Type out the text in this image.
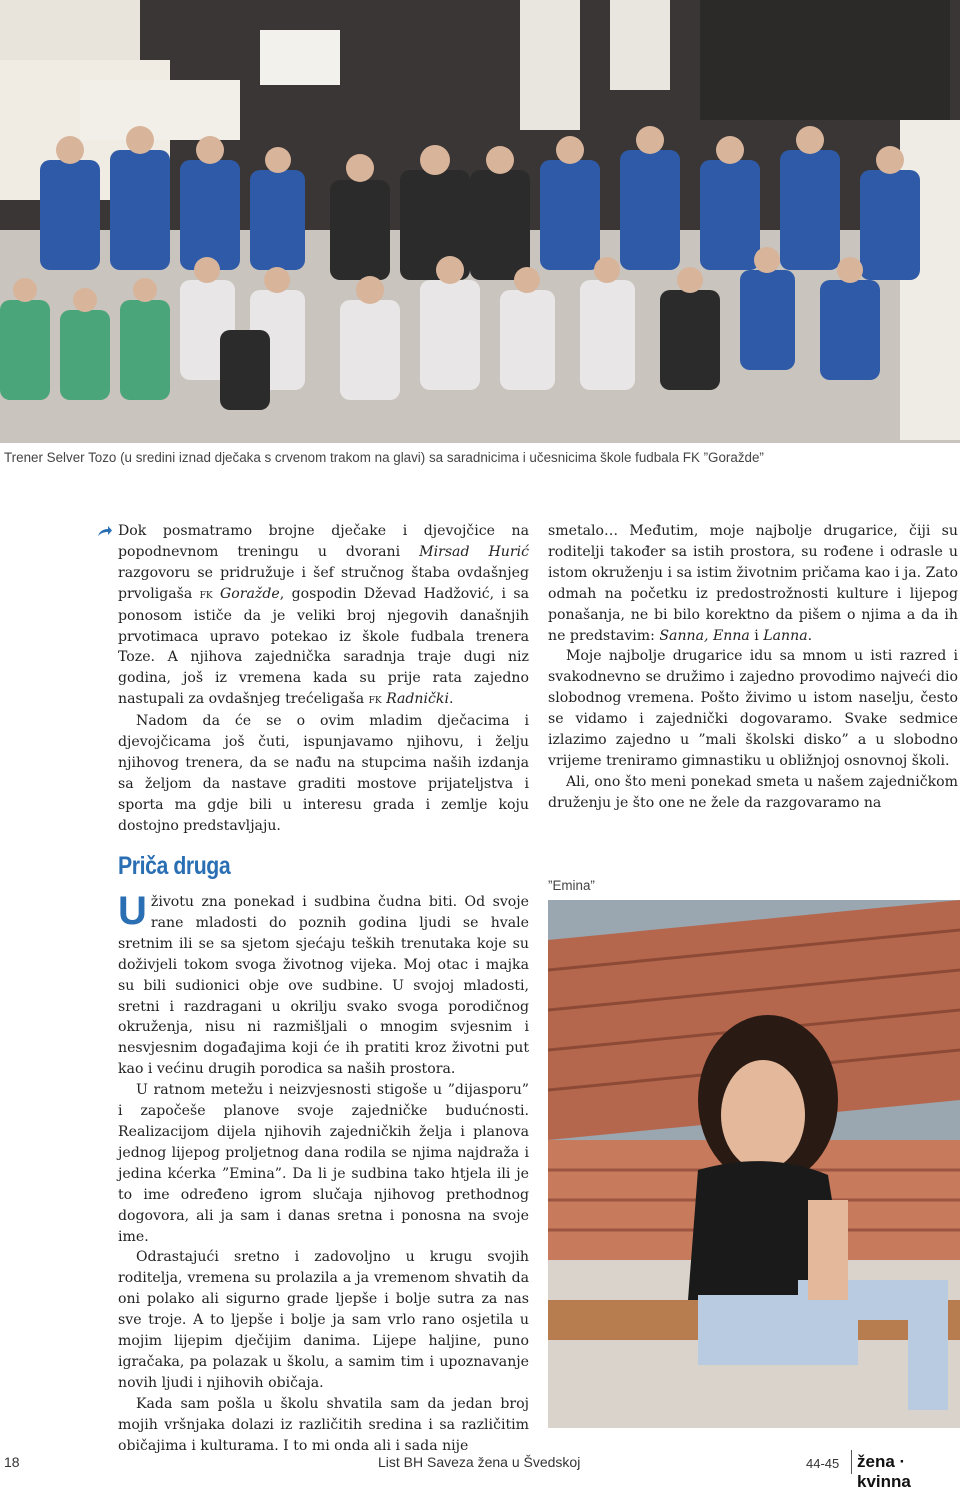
Trener Selver Tozo (u sredini iznad dječaka s crvenom trakom na glavi) sa saradnicima i učesnicima škole fudbala FK ”Goražde”

Dok posmatramo brojne dječake i djevojčice na popodnevnom treningu u dvorani Mirsad Hurić razgovoru se pridružuje i šef stručnog štaba ovdašnjeg prvoligaša fk Goražde, gospodin Dževad Hadžović, i sa ponosom ističe da je veliki broj njegovih današnjih prvotimaca upravo potekao iz škole fudbala trenera Toze. A njihova zajednička saradnja traje dugi niz godina, još iz vremena kada su prije rata zajedno nastupali za ovdašnjeg trećeligaša fk Radnički.

Nadom da će se o ovim mladim dječacima i djevojčicama još čuti, ispunjavamo njihovu, i želju njihovog trenera, da se nađu na stupcima naših izdanja sa željom da nastave graditi mostove prijateljstva i sporta ma gdje bili u interesu grada i zemlje koju dostojno predstavljaju.

smetalo… Međutim, moje najbolje drugarice, čiji su roditelji također sa istih prostora, su rođene i odrasle u istom okruženju i sa istim životnim pričama kao i ja. Zato odmah na početku iz predostrožnosti kulture i lijepog ponašanja, ne bi bilo korektno da pišem o njima a da ih ne predstavim: Sanna, Enna i Lanna.

Moje najbolje drugarice idu sa mnom u isti razred i svakodnevno se družimo i zajedno provodimo najveći dio slobodnog vremena. Pošto živimo u istom naselju, često se vidamo i zajednički dogovaramo. Svake sedmice izlazimo zajedno u ”mali školski disko” a u slobodno vrijeme treniramo gimnastiku u obližnjoj osnovnoj školi.

Ali, ono što meni ponekad smeta u našem zajedničkom druženju je što one ne žele da razgovaramo na

Priča druga

U životu zna ponekad i sudbina čudna biti. Od svoje rane mladosti do poznih godina ljudi se hvale sretnim ili se sa sjetom sjećaju teških trenutaka koje su doživjeli tokom svoga životnog vijeka. Moj otac i majka su bili sudionici obje ove sudbine. U svojoj mladosti, sretni i razdragani u okrilju svako svoga porodičnog okruženja, nisu ni razmišljali o mnogim svjesnim i nesvjesnim događajima koji će ih pratiti kroz životni put kao i većinu drugih porodica sa naših prostora.

U ratnom metežu i neizvjesnosti stigoše u ”dijasporu” i započeše planove svoje zajedničke budućnosti. Realizacijom dijela njihovih zajedničkih želja i planova jednog lijepog proljetnog dana rodila se njima najdraža i jedina kćerka ”Emina”. Da li je sudbina tako htjela ili je to ime određeno igrom slučaja njihovog prethodnog dogovora, ali ja sam i danas sretna i ponosna na svoje ime.

Odrastajući sretno i zadovoljno u krugu svojih roditelja, vremena su prolazila a ja vremenom shvatih da oni polako ali sigurno grade ljepše i bolje sutra za nas sve troje. A to ljepše i bolje ja sam vrlo rano osjetila u mojim lijepim dječijim danima. Lijepe haljine, puno igračaka, pa polazak u školu, a samim tim i upoznavanje novih ljudi i njihovih običaja.

Kada sam pošla u školu shvatila sam da jedan broj mojih vršnjaka dolazi iz različitih sredina i sa različitim običajima i kulturama. I to mi onda ali i sada nije

”Emina”
18	List BH Saveza žena u Švedskoj	44-45 žena · kvinna
